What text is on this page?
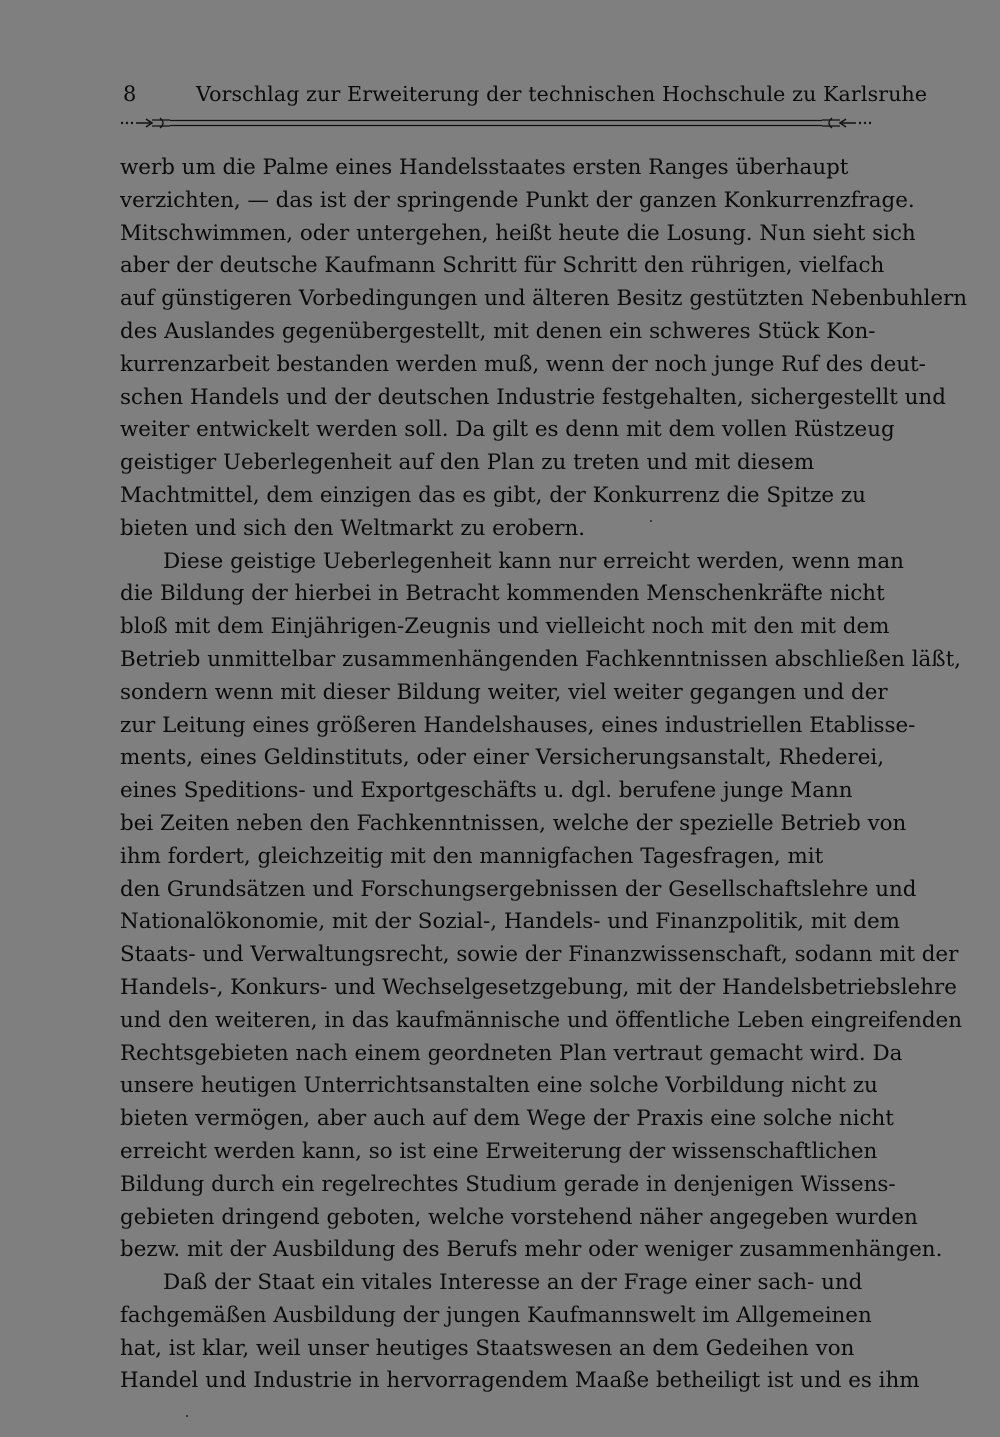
8	Vorschlag zur Erweiterung der technischen Hochschule zu Karlsruhe
werb um die Palme eines Handelsstaates ersten Ranges überhaupt
verzichten, — das ist der springende Punkt der ganzen Konkurrenzfrage.
Mitschwimmen, oder untergehen, heißt heute die Losung. Nun sieht sich
aber der deutsche Kaufmann Schritt für Schritt den rührigen, vielfach
auf günstigeren Vorbedingungen und älteren Besitz gestützten Nebenbuhlern
des Auslandes gegenübergestellt, mit denen ein schweres Stück Kon-
kurrenzarbeit bestanden werden muß, wenn der noch junge Ruf des deut-
schen Handels und der deutschen Industrie festgehalten, sichergestellt und
weiter entwickelt werden soll. Da gilt es denn mit dem vollen Rüstzeug
geistiger Ueberlegenheit auf den Plan zu treten und mit diesem
Machtmittel, dem einzigen das es gibt, der Konkurrenz die Spitze zu
bieten und sich den Weltmarkt zu erobern.
Diese geistige Ueberlegenheit kann nur erreicht werden, wenn man
die Bildung der hierbei in Betracht kommenden Menschenkräfte nicht
bloß mit dem Einjährigen-Zeugnis und vielleicht noch mit den mit dem
Betrieb unmittelbar zusammenhängenden Fachkenntnissen abschließen läßt,
sondern wenn mit dieser Bildung weiter, viel weiter gegangen und der
zur Leitung eines größeren Handelshauses, eines industriellen Etablisse-
ments, eines Geldinstituts, oder einer Versicherungsanstalt, Rhederei,
eines Speditions- und Exportgeschäfts u. dgl. berufene junge Mann
bei Zeiten neben den Fachkenntnissen, welche der spezielle Betrieb von
ihm fordert, gleichzeitig mit den mannigfachen Tagesfragen, mit
den Grundsätzen und Forschungsergebnissen der Gesellschaftslehre und
Nationalökonomie, mit der Sozial-, Handels- und Finanzpolitik, mit dem
Staats- und Verwaltungsrecht, sowie der Finanzwissenschaft, sodann mit der
Handels-, Konkurs- und Wechselgesetzgebung, mit der Handelsbetriebslehre
und den weiteren, in das kaufmännische und öffentliche Leben eingreifenden
Rechtsgebieten nach einem geordneten Plan vertraut gemacht wird. Da
unsere heutigen Unterrichtsanstalten eine solche Vorbildung nicht zu
bieten vermögen, aber auch auf dem Wege der Praxis eine solche nicht
erreicht werden kann, so ist eine Erweiterung der wissenschaftlichen
Bildung durch ein regelrechtes Studium gerade in denjenigen Wissens-
gebieten dringend geboten, welche vorstehend näher angegeben wurden
bezw. mit der Ausbildung des Berufs mehr oder weniger zusammenhängen.
Daß der Staat ein vitales Interesse an der Frage einer sach- und
fachgemäßen Ausbildung der jungen Kaufmannswelt im Allgemeinen
hat, ist klar, weil unser heutiges Staatswesen an dem Gedeihen von
Handel und Industrie in hervorragendem Maaße betheiligt ist und es ihm
